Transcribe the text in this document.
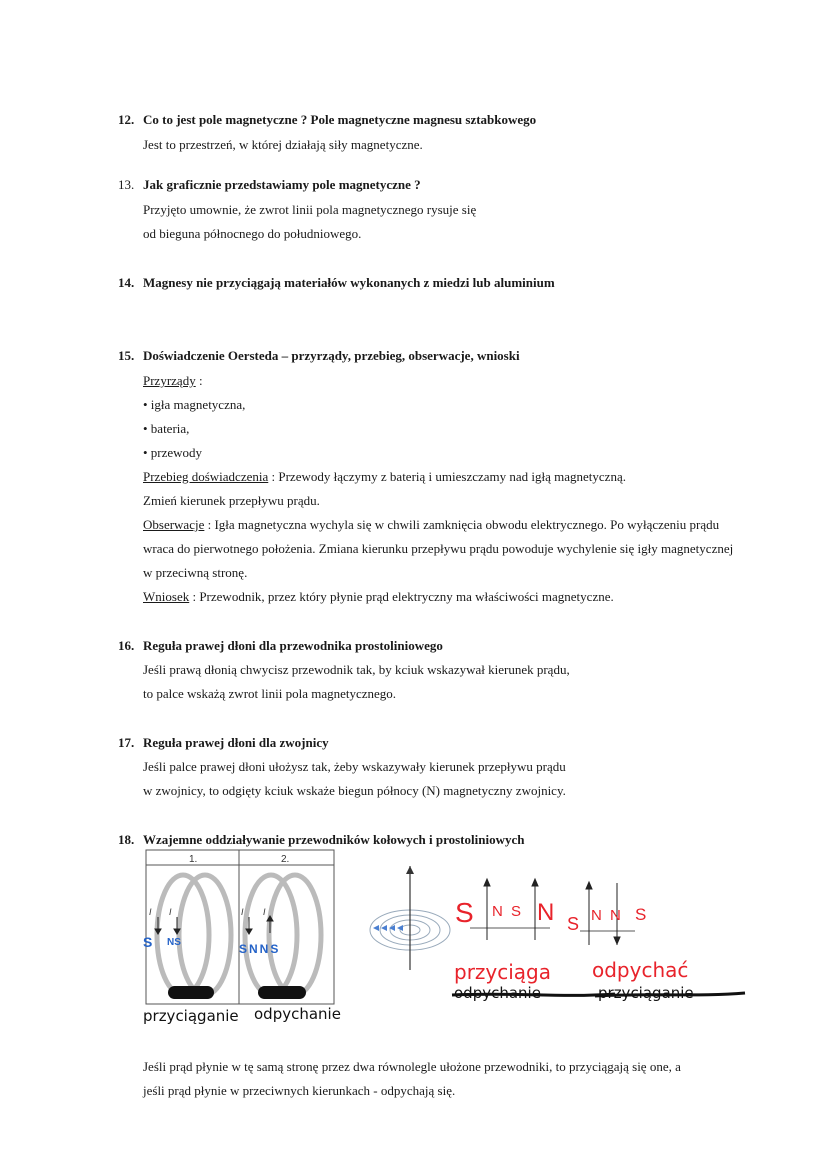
12. Co to jest pole magnetyczne ? Pole magnetyczne magnesu sztabkowego
Jest to przestrzeń, w której działają siły magnetyczne.
13. Jak graficznie przedstawiamy pole magnetyczne ?
Przyjęto umownie, że zwrot linii pola magnetycznego rysuje się
od bieguna północnego do południowego.
14. Magnesy nie przyciągają materiałów wykonanych z miedzi lub aluminium
15. Doświadczenie Oersteda – przyrządy, przebieg, obserwacje, wnioski
Przyrządy :
• igła magnetyczna,
• bateria,
• przewody
Przebieg doświadczenia : Przewody łączymy z baterią i umieszczamy nad igłą magnetyczną.
Zmień kierunek przepływu prądu.
Obserwacje : Igła magnetyczna wychyla się w chwili zamknięcia obwodu elektrycznego. Po wyłączeniu prądu
wraca do pierwotnego położenia. Zmiana kierunku przepływu prądu powoduje wychylenie się igły magnetycznej
w przeciwną stronę.
Wniosek : Przewodnik, przez który płynie prąd elektryczny ma właściwości magnetyczne.
16. Reguła prawej dłoni dla przewodnika prostoliniowego
Jeśli prawą dłonią chwycisz przewodnik tak, by kciuk wskazywał kierunek prądu,
to palce wskażą zwrot linii pola magnetycznego.
17. Reguła prawej dłoni dla zwojnicy
Jeśli palce prawej dłoni ułożysz tak, żeby wskazywały kierunek przepływu prądu
w zwojnicy, to odgięty kciuk wskaże biegun północy (N) magnetyczny zwojnicy.
18. Wzajemne oddziaływanie przewodników kołowych i prostoliniowych
1.	2.
I I	I I
S NS	SNNS
przyciąganie odpychanie
S N S N S N N S
przyciąga odpychać
odpychanie	przyciąganie
Jeśli prąd płynie w tę samą stronę przez dwa równolegle ułożone przewodniki, to przyciągają się one, a
jeśli prąd płynie w przeciwnych kierunkach - odpychają się.
